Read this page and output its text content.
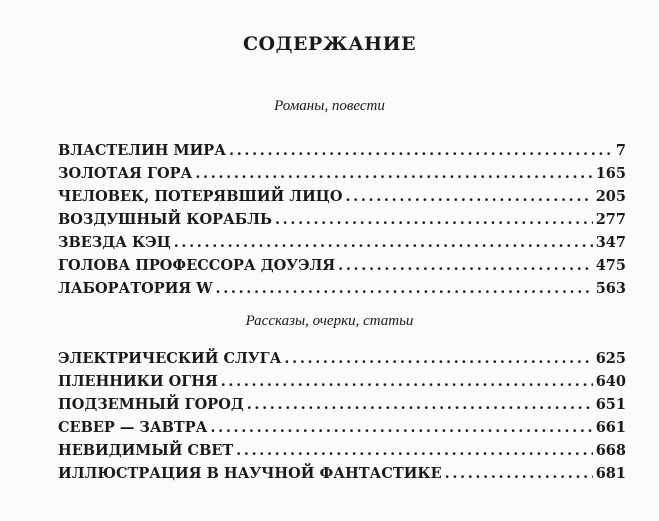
СОДЕРЖАНИЕ
Романы, повести
ВЛАСТЕЛИН МИРА . . .	7
ЗОЛОТАЯ ГОРА . . .	165
ЧЕЛОВЕК, ПОТЕРЯВШИЙ ЛИЦО . . .	205
ВОЗДУШНЫЙ КОРАБЛЬ . . .	277
ЗВЕЗДА КЭЦ . . .	347
ГОЛОВА ПРОФЕССОРА ДОУЭЛЯ . . .	475
ЛАБОРАТОРИЯ W . . .	563
Рассказы, очерки, статьи
ЭЛЕКТРИЧЕСКИЙ СЛУГА . . .	625
ПЛЕННИКИ ОГНЯ . . .	640
ПОДЗЕМНЫЙ ГОРОД . . .	651
СЕВЕР — ЗАВТРА . . .	661
НЕВИДИМЫЙ СВЕТ . . .	668
ИЛЛЮСТРАЦИЯ В НАУЧНОЙ ФАНТАСТИКЕ . . .	681
